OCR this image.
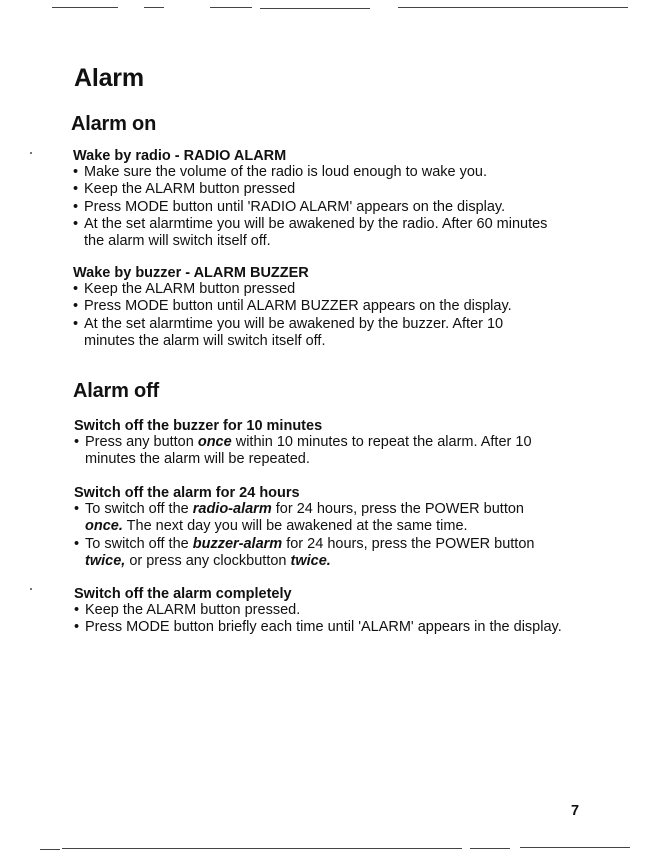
Alarm
Alarm on
Wake by radio - RADIO ALARM
• Make sure the volume of the radio is loud enough to wake you.
• Keep the ALARM button pressed
• Press MODE button until 'RADIO ALARM' appears on the display.
• At the set alarmtime you will be awakened by the radio. After 60 minutes the alarm will switch itself off.
Wake by buzzer - ALARM BUZZER
• Keep the ALARM button pressed
• Press MODE button until ALARM BUZZER appears on the display.
• At the set alarmtime you will be awakened by the buzzer. After 10 minutes the alarm will switch itself off.
Alarm off
Switch off the buzzer for 10 minutes
• Press any button once within 10 minutes to repeat the alarm. After 10 minutes the alarm will be repeated.
Switch off the alarm for 24 hours
• To switch off the radio-alarm for 24 hours, press the POWER button once. The next day you will be awakened at the same time.
• To switch off the buzzer-alarm for 24 hours, press the POWER button twice, or press any clockbutton twice.
Switch off the alarm completely
• Keep the ALARM button pressed.
• Press MODE button briefly each time until 'ALARM' appears in the display.

7
